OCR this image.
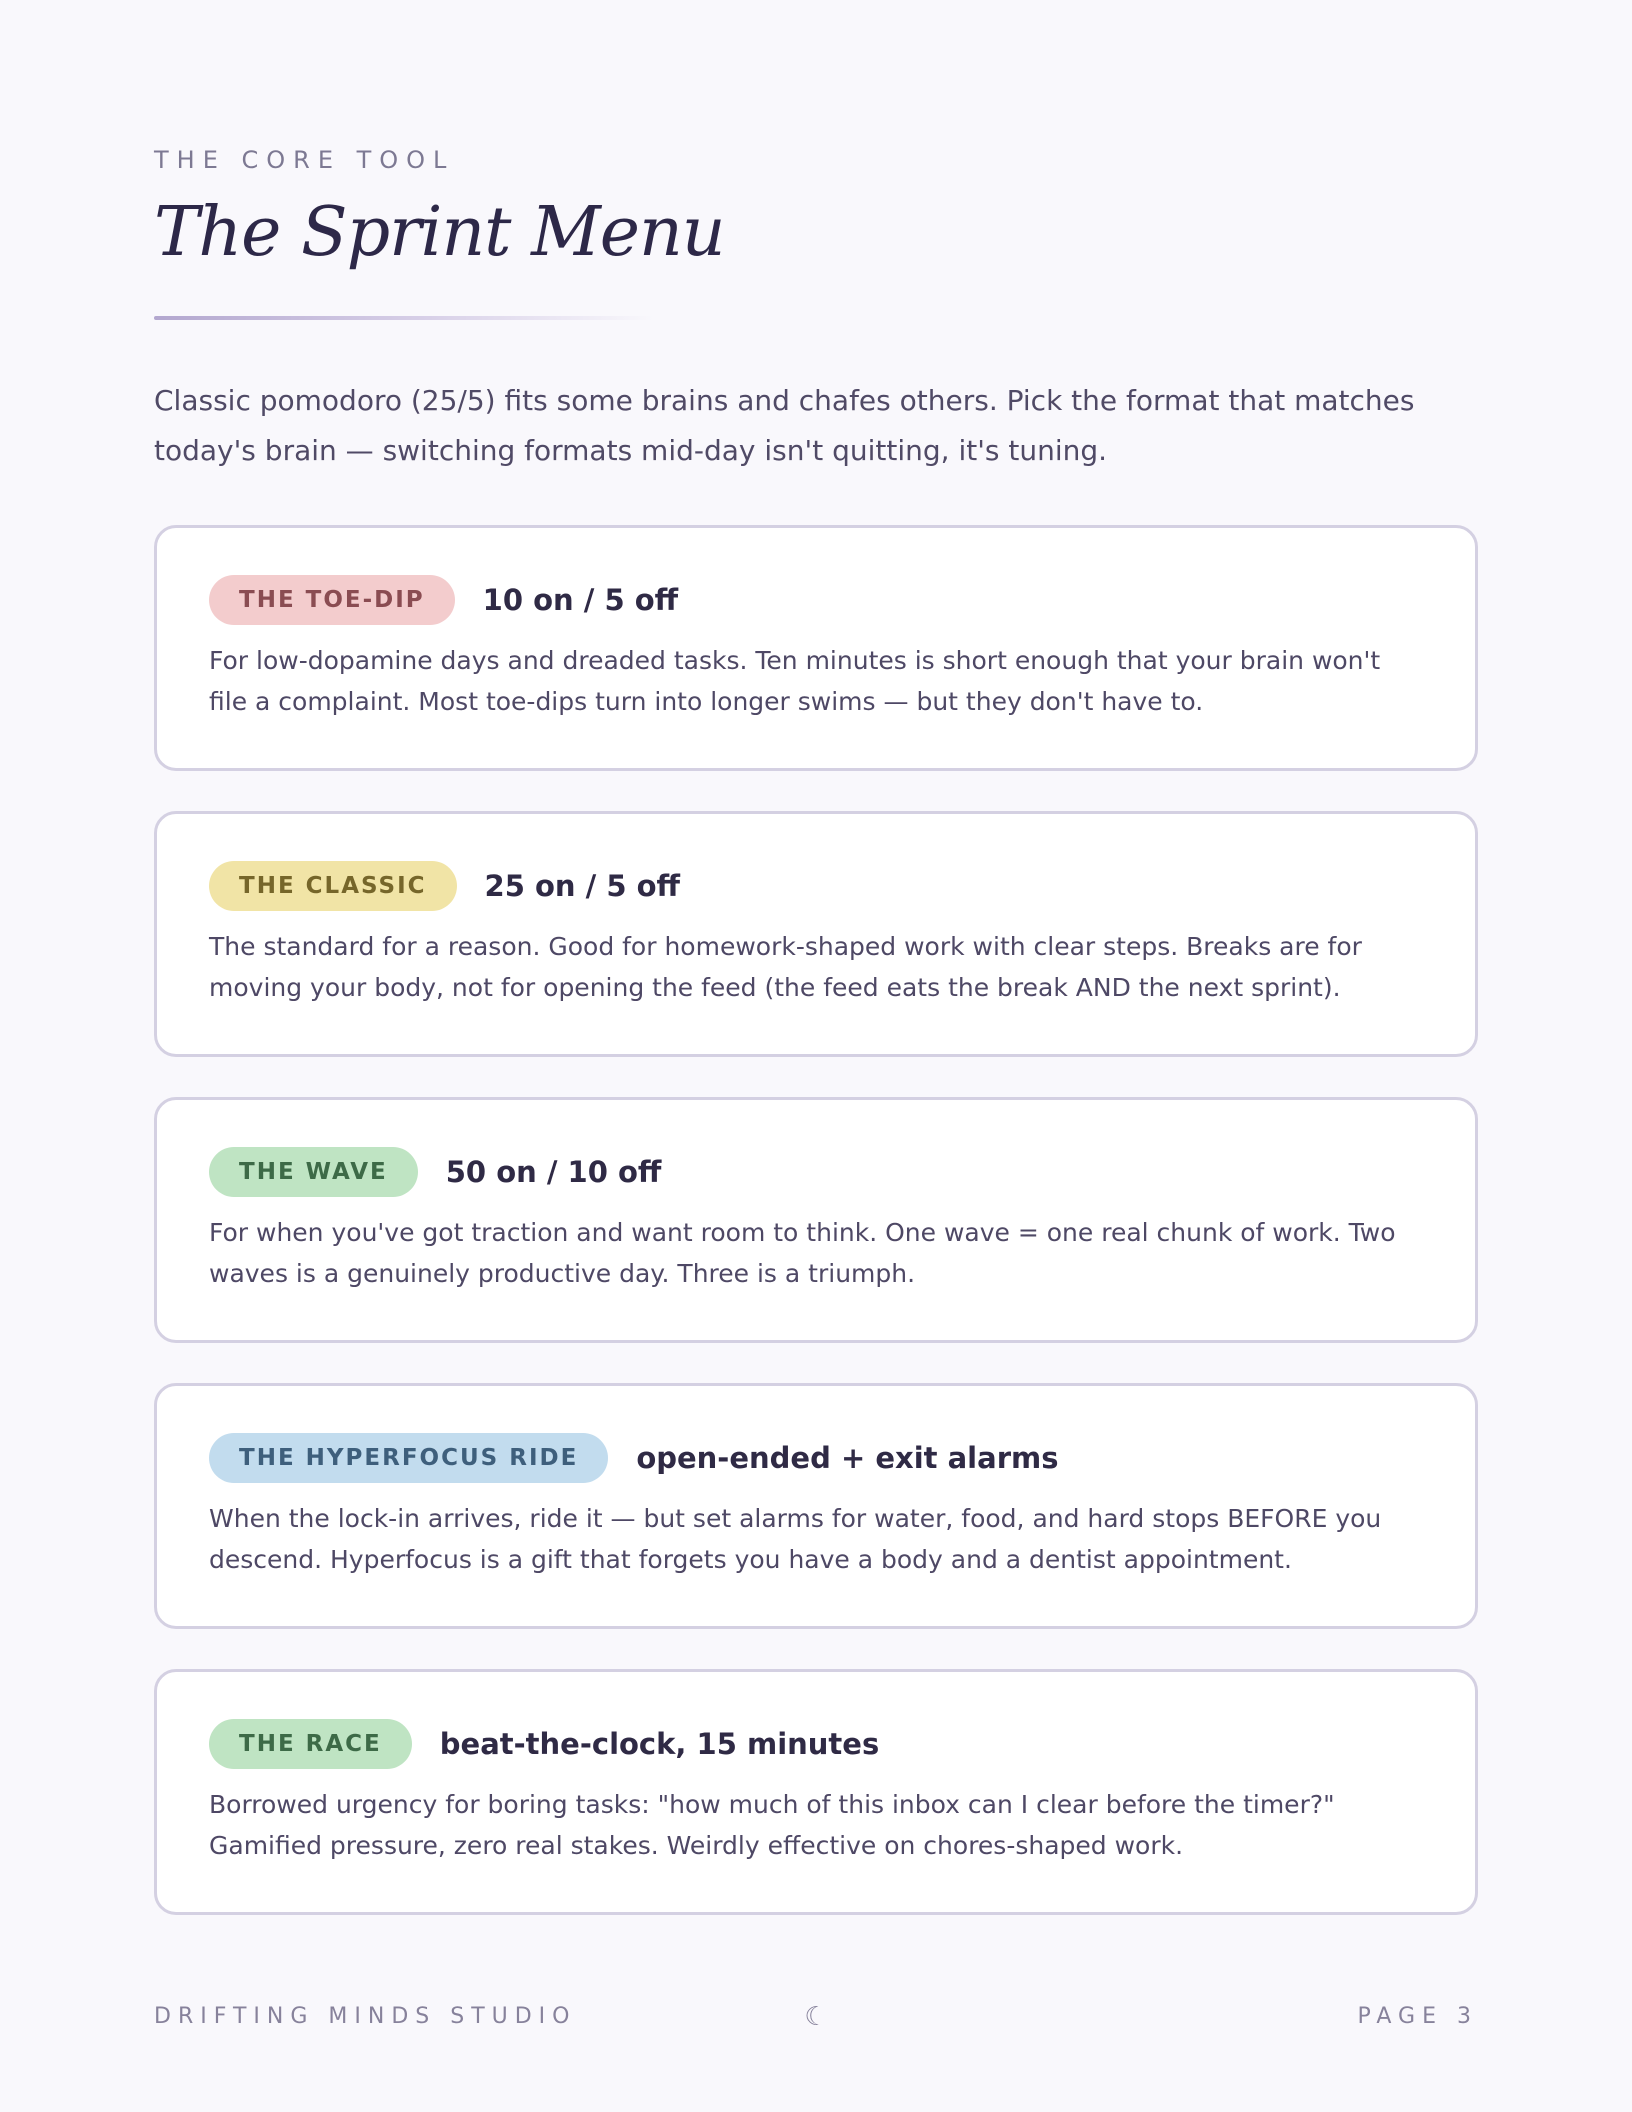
THE CORE TOOL
The Sprint Menu

Classic pomodoro (25/5) fits some brains and chafes others. Pick the format that matches today's brain — switching formats mid-day isn't quitting, it's tuning.

THE TOE-DIP	10 on / 5 off

For low-dopamine days and dreaded tasks. Ten minutes is short enough that your brain won't file a complaint. Most toe-dips turn into longer swims — but they don't have to.

THE CLASSIC	25 on / 5 off

The standard for a reason. Good for homework-shaped work with clear steps. Breaks are for moving your body, not for opening the feed (the feed eats the break AND the next sprint).

THE WAVE	50 on / 10 off

For when you've got traction and want room to think. One wave = one real chunk of work. Two waves is a genuinely productive day. Three is a triumph.

THE HYPERFOCUS RIDE	open-ended + exit alarms

When the lock-in arrives, ride it — but set alarms for water, food, and hard stops BEFORE you descend. Hyperfocus is a gift that forgets you have a body and a dentist appointment.

THE RACE	beat-the-clock, 15 minutes

Borrowed urgency for boring tasks: "how much of this inbox can I clear before the timer?" Gamified pressure, zero real stakes. Weirdly effective on chores-shaped work.

DRIFTING MINDS STUDIO	☾	PAGE 3
